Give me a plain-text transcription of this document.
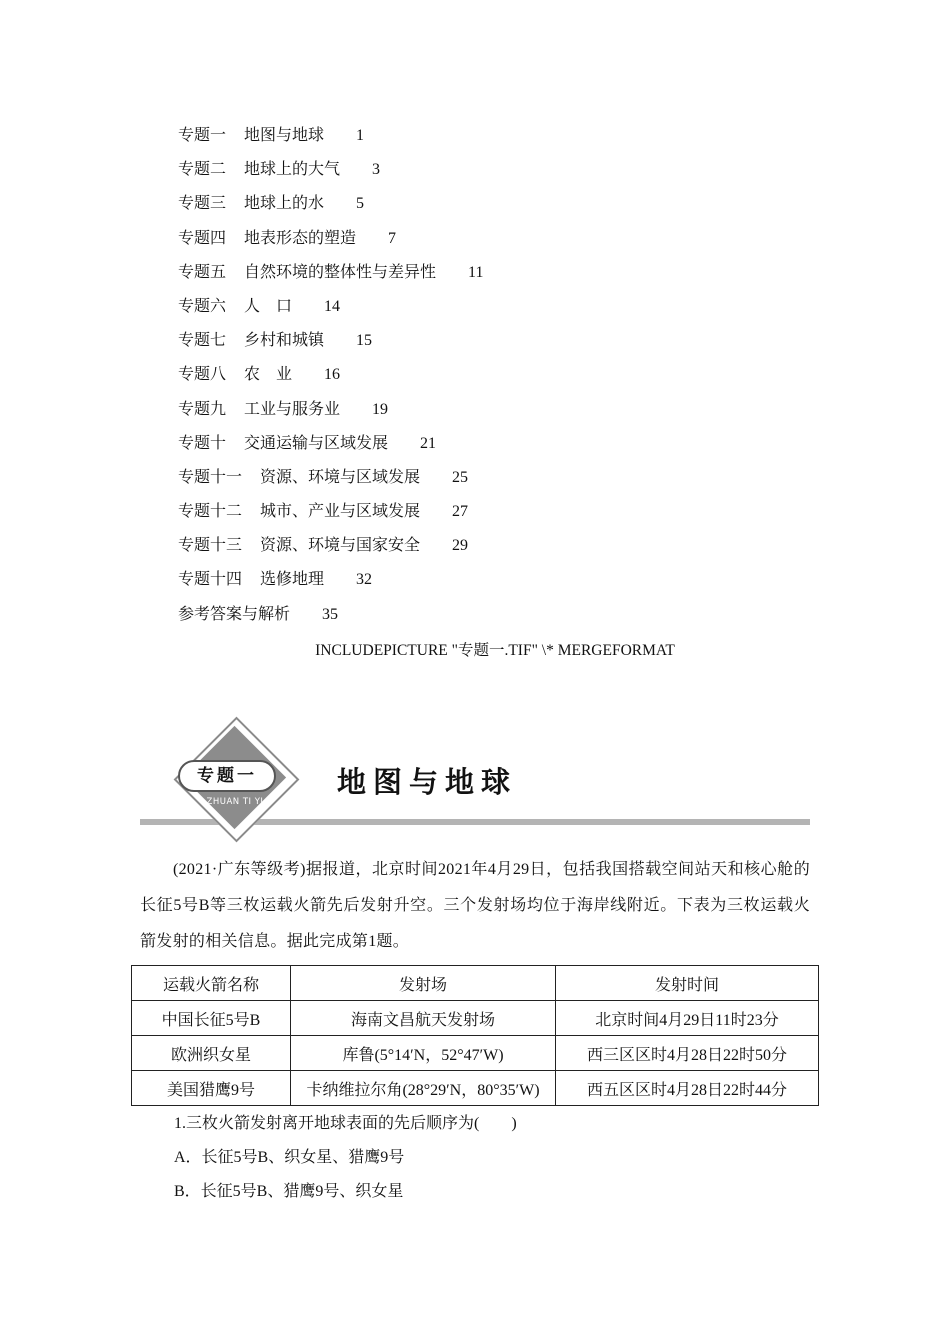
专题一 地图与地球 1
专题二 地球上的大气 3
专题三 地球上的水 5
专题四 地表形态的塑造 7
专题五 自然环境的整体性与差异性 11
专题六 人　口 14
专题七 乡村和城镇 15
专题八 农　业 16
专题九 工业与服务业 19
专题十 交通运输与区域发展 21
专题十一 资源、环境与区域发展 25
专题十二 城市、产业与区域发展 27
专题十三 资源、环境与国家安全 29
专题十四 选修地理 32
参考答案与解析 35
INCLUDEPICTURE "专题一.TIF" \* MERGEFORMAT
专题一
ZHUAN TI YI
地图与地球
(2021·广东等级考)据报道，北京时间2021年4月29日，包括我国搭载空间站天和核心舱的长征5号B等三枚运载火箭先后发射升空。三个发射场均位于海岸线附近。下表为三枚运载火箭发射的相关信息。据此完成第1题。
运载火箭名称	发射场	发射时间
中国长征5号B	海南文昌航天发射场	北京时间4月29日11时23分
欧洲织女星	库鲁(5°14′N，52°47′W)	西三区区时4月28日22时50分
美国猎鹰9号	卡纳维拉尔角(28°29′N，80°35′W)	西五区区时4月28日22时44分
1.三枚火箭发射离开地球表面的先后顺序为(　　)
A．长征5号B、织女星、猎鹰9号
B．长征5号B、猎鹰9号、织女星
